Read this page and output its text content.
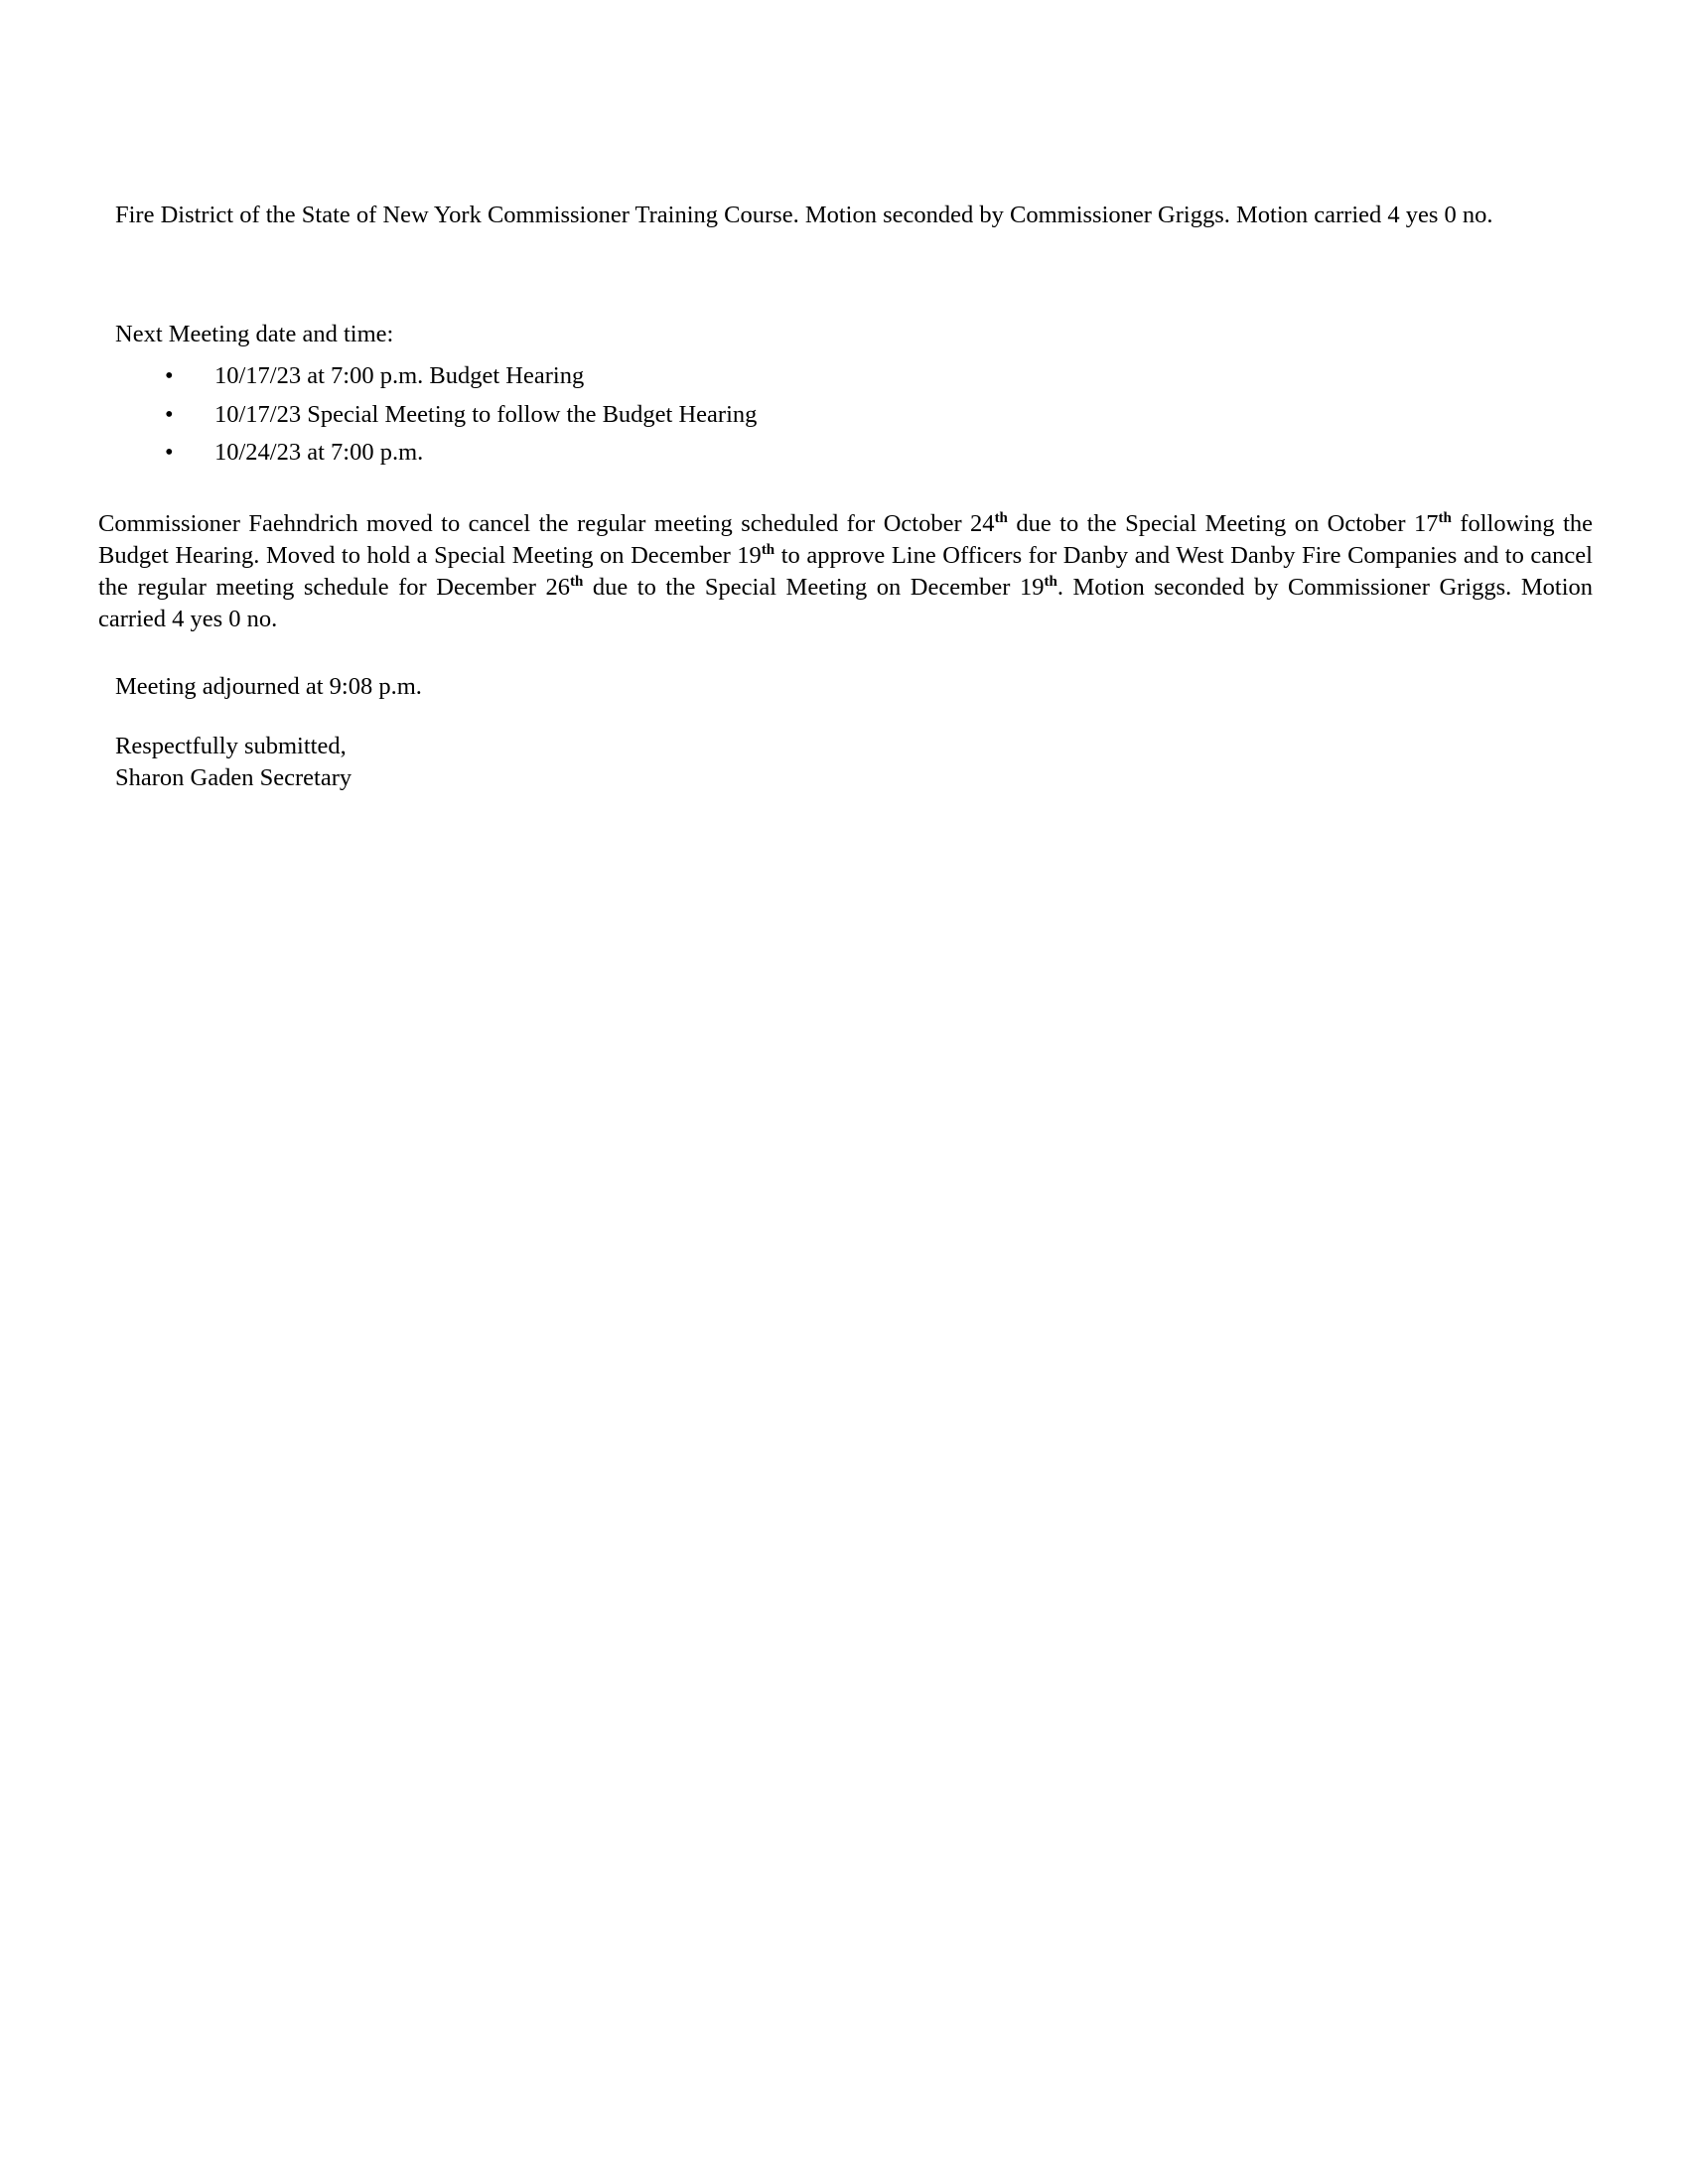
Fire District of the State of New York Commissioner Training Course. Motion seconded by Commissioner Griggs. Motion carried 4 yes 0 no.

Next Meeting date and time:

• 10/17/23 at 7:00 p.m. Budget Hearing
• 10/17/23 Special Meeting to follow the Budget Hearing
• 10/24/23 at 7:00 p.m.

Commissioner Faehndrich moved to cancel the regular meeting scheduled for October 24th due to the Special Meeting on October 17th following the Budget Hearing. Moved to hold a Special Meeting on December 19th to approve Line Officers for Danby and West Danby Fire Companies and to cancel the regular meeting schedule for December 26th due to the Special Meeting on December 19th. Motion seconded by Commissioner Griggs. Motion carried 4 yes 0 no.

Meeting adjourned at 9:08 p.m.

Respectfully submitted,
Sharon Gaden Secretary
